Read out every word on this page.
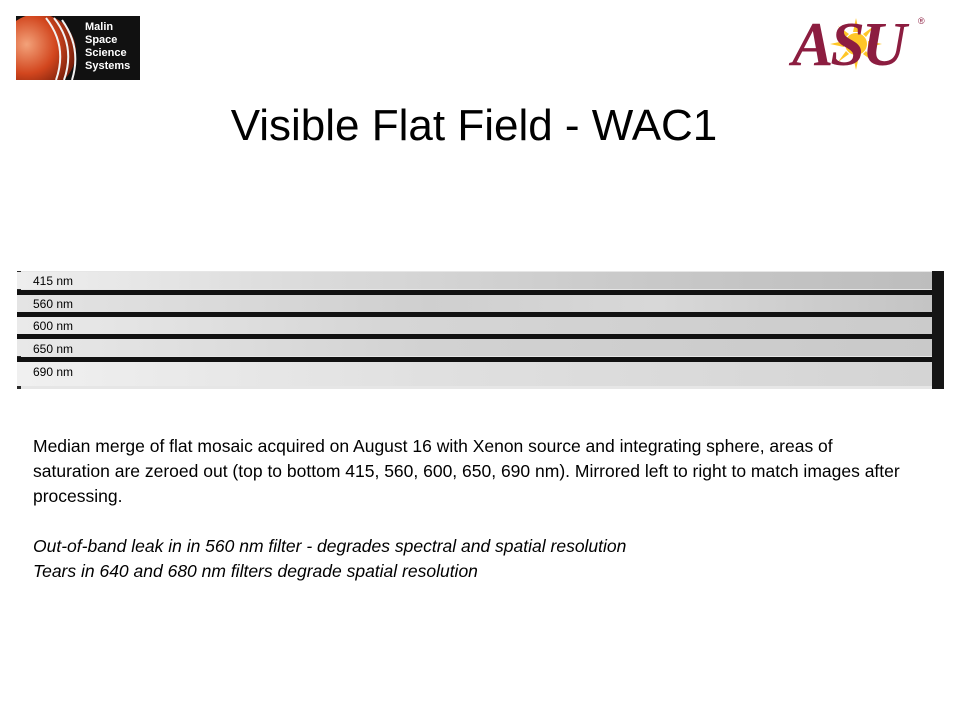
Malin
Space
Science
Systems	ASU ®
Visible Flat Field - WAC1
415 nm
560 nm
600 nm
650 nm
690 nm

Median merge of flat mosaic acquired on August 16 with Xenon source and integrating sphere, areas of saturation are zeroed out (top to bottom 415, 560, 600, 650, 690 nm). Mirrored left to right to match images after processing.

Out-of-band leak in in 560 nm filter - degrades spectral and spatial resolution

Tears in 640 and 680 nm filters degrade spatial resolution
